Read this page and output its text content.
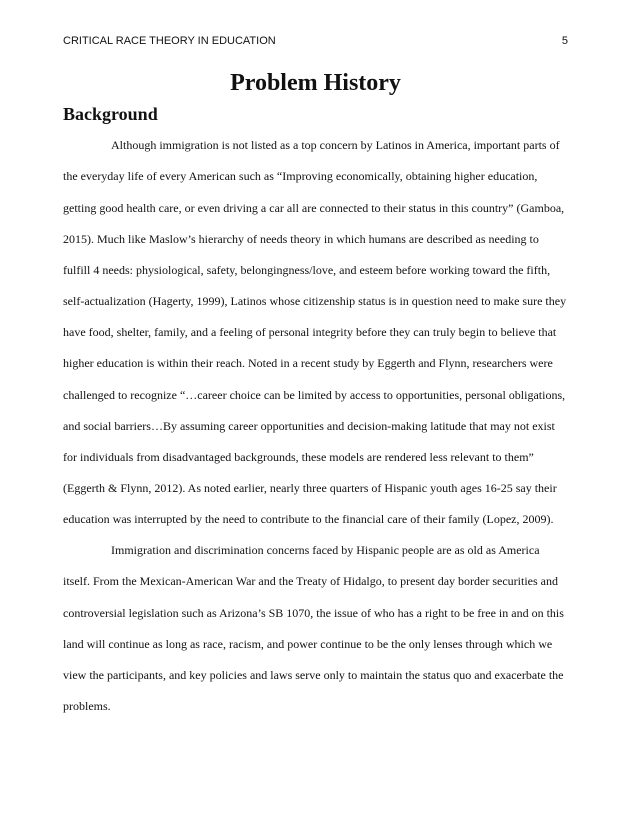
CRITICAL RACE THEORY IN EDUCATION	5
Problem History
Background

Although immigration is not listed as a top concern by Latinos in America, important parts of the everyday life of every American such as “Improving economically, obtaining higher education, getting good health care, or even driving a car all are connected to their status in this country” (Gamboa, 2015). Much like Maslow’s hierarchy of needs theory in which humans are described as needing to fulfill 4 needs: physiological, safety, belongingness/love, and esteem before working toward the fifth, self-actualization (Hagerty, 1999), Latinos whose citizenship status is in question need to make sure they have food, shelter, family, and a feeling of personal integrity before they can truly begin to believe that higher education is within their reach. Noted in a recent study by Eggerth and Flynn, researchers were challenged to recognize “…career choice can be limited by access to opportunities, personal obligations, and social barriers…By assuming career opportunities and decision-making latitude that may not exist for individuals from disadvantaged backgrounds, these models are rendered less relevant to them” (Eggerth & Flynn, 2012). As noted earlier, nearly three quarters of Hispanic youth ages 16-25 say their education was interrupted by the need to contribute to the financial care of their family (Lopez, 2009).

Immigration and discrimination concerns faced by Hispanic people are as old as America itself. From the Mexican-American War and the Treaty of Hidalgo, to present day border securities and controversial legislation such as Arizona’s SB 1070, the issue of who has a right to be free in and on this land will continue as long as race, racism, and power continue to be the only lenses through which we view the participants, and key policies and laws serve only to maintain the status quo and exacerbate the problems.
